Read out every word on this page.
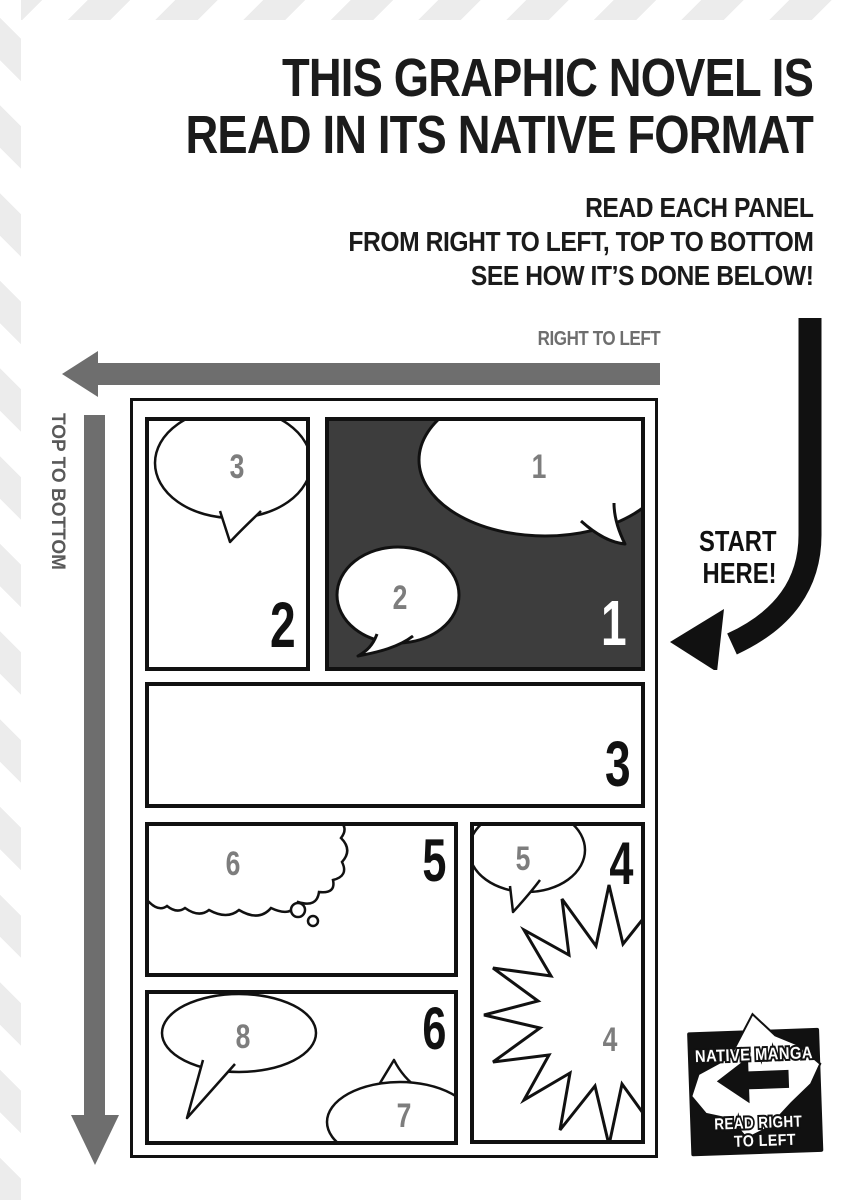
THIS GRAPHIC NOVEL IS
READ IN ITS NATIVE FORMAT
READ EACH PANEL
FROM RIGHT TO LEFT, TOP TO BOTTOM
SEE HOW IT’S DONE BELOW!
RIGHT TO LEFT
TOP TO BOTTOM	START
HERE!
3
2
1
2	1
3
6	5
8
7
6
5
4
4
NATIVE MANGA
READ RIGHT
TO LEFT
